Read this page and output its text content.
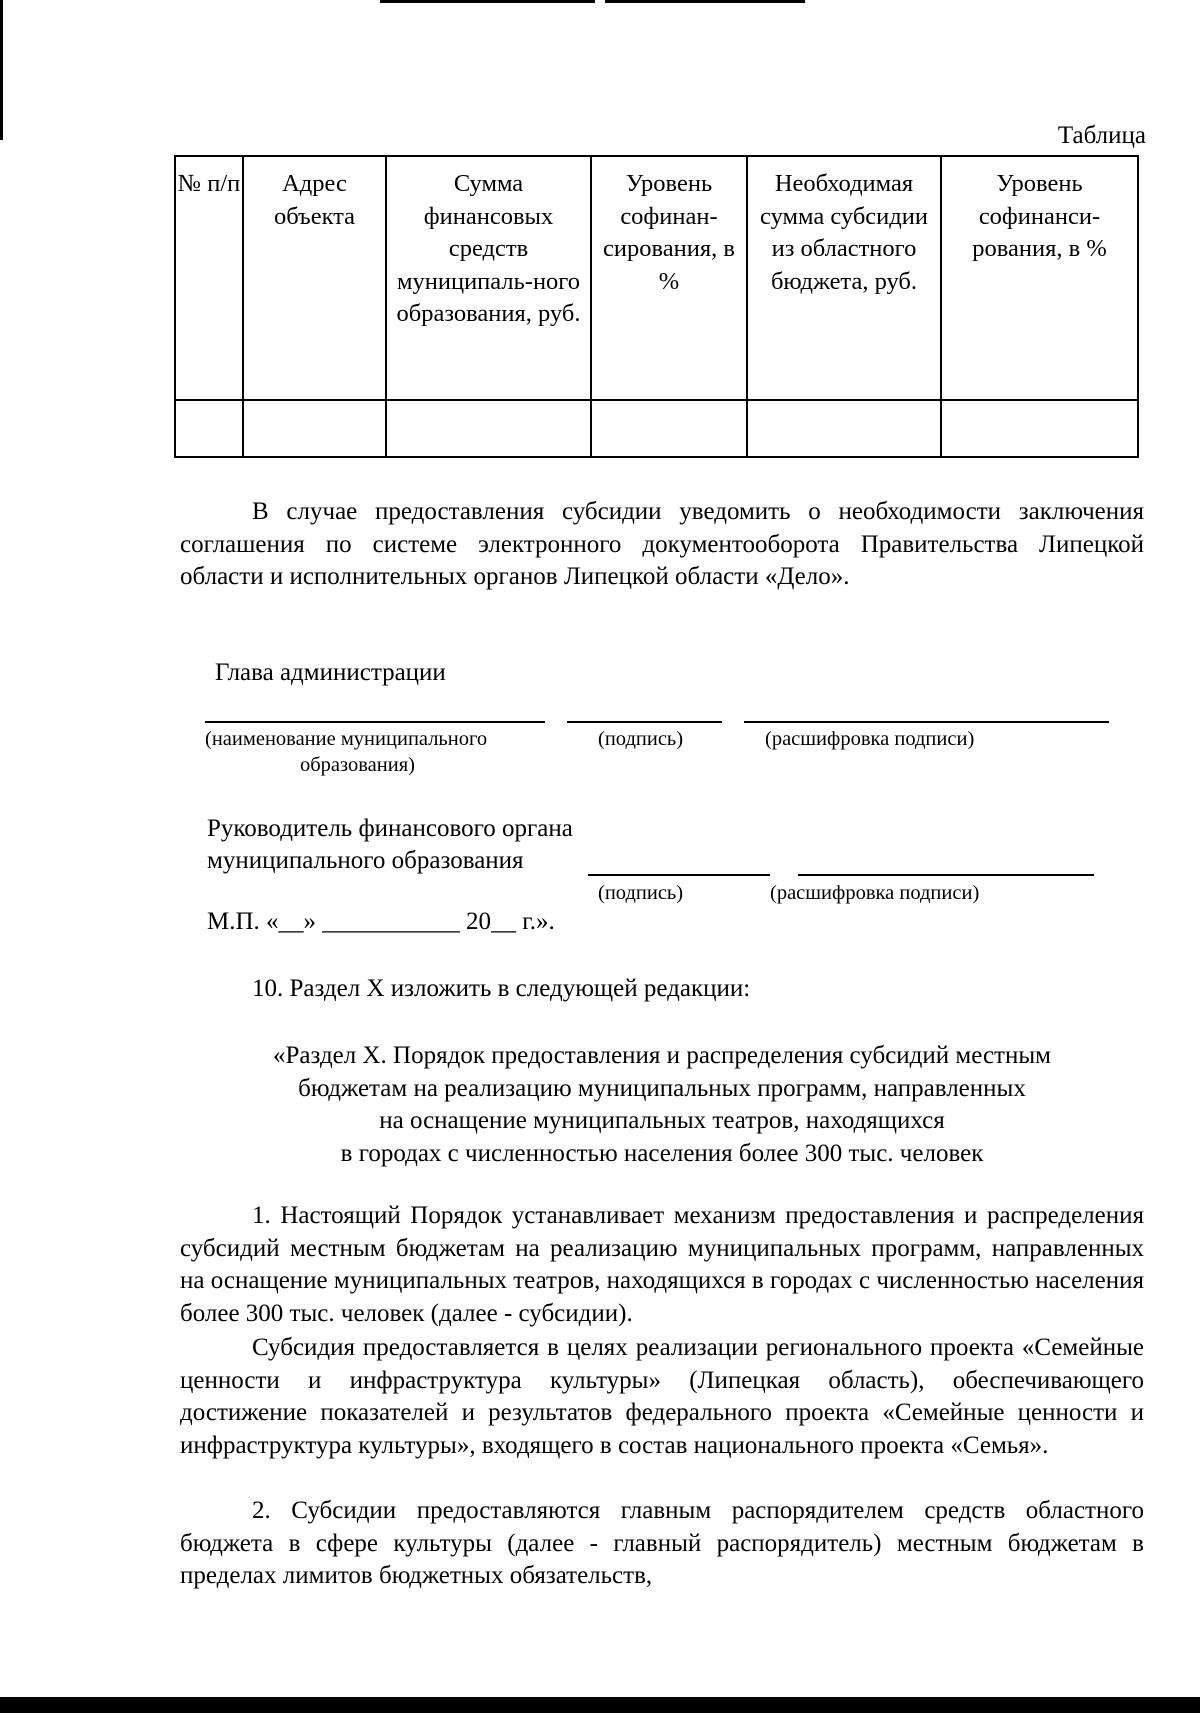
Таблица
№ п/п	Адрес объекта	Сумма финансовых средств муниципаль-ного образования, руб.	Уровень софинан-сирования, в %	Необходимая сумма субсидии из областного бюджета, руб.	Уровень софинанси-рования, в %

В случае предоставления субсидии уведомить о необходимости заключения соглашения по системе электронного документооборота Правительства Липецкой области и исполнительных органов Липецкой области «Дело».

Глава администрации
(наименование муниципального
образования)
(подпись)	(расшифровка подписи)
Руководитель финансового органа
муниципального образования
(подпись)	(расшифровка подписи)
М.П. «__» ___________ 20__ г.».
10. Раздел X изложить в следующей редакции:
«Раздел X. Порядок предоставления и распределения субсидий местным
бюджетам на реализацию муниципальных программ, направленных
на оснащение муниципальных театров, находящихся
в городах с численностью населения более 300 тыс. человек

1. Настоящий Порядок устанавливает механизм предоставления и распределения субсидий местным бюджетам на реализацию муниципальных программ, направленных на оснащение муниципальных театров, находящихся в городах с численностью населения более 300 тыс. человек (далее - субсидии).

Субсидия предоставляется в целях реализации регионального проекта «Семейные ценности и инфраструктура культуры» (Липецкая область), обеспечивающего достижение показателей и результатов федерального проекта «Семейные ценности и инфраструктура культуры», входящего в состав национального проекта «Семья».

2. Субсидии предоставляются главным распорядителем средств областного бюджета в сфере культуры (далее - главный распорядитель) местным бюджетам в пределах лимитов бюджетных обязательств,
